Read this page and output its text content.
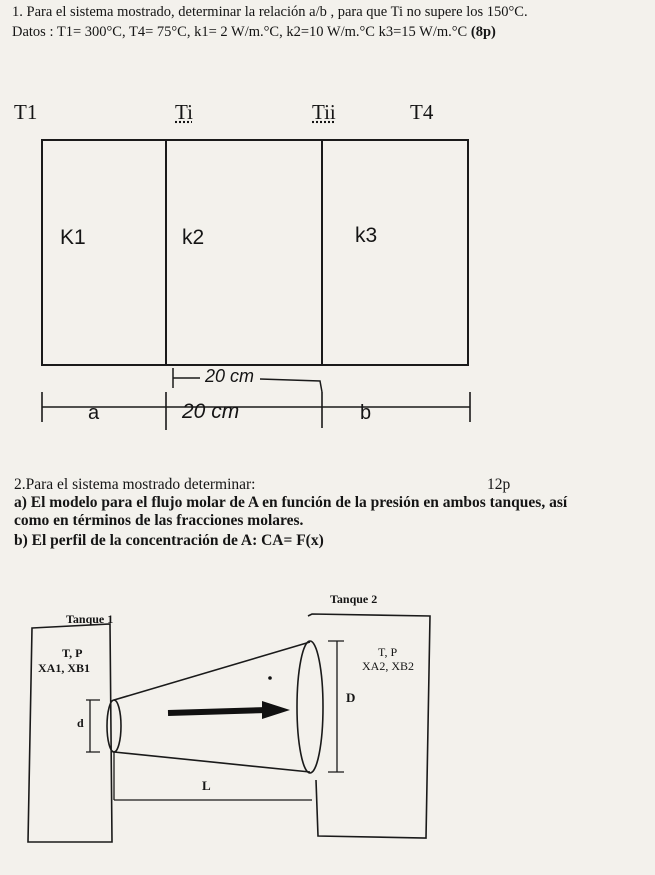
1. Para el sistema mostrado, determinar la relación a/b , para que Ti no supere los 150°C.
Datos : T1= 300°C, T4= 75°C, k1= 2 W/m.°C, k2=10 W/m.°C k3=15 W/m.°C (8p)
T1	Ti	Tii	T4
K1	k2	k3
20 cm
a	20 cm	b
2.Para el sistema mostrado determinar:	12p
a) El modelo para el flujo molar de A en función de la presión en ambos tanques, así
como en términos de las fracciones molares.
b) El perfil de la concentración de A: CA= F(x)
Tanque 2
Tanque 1
T, P
XA1, XB1
T, P
XA2, XB2
d
D
L
